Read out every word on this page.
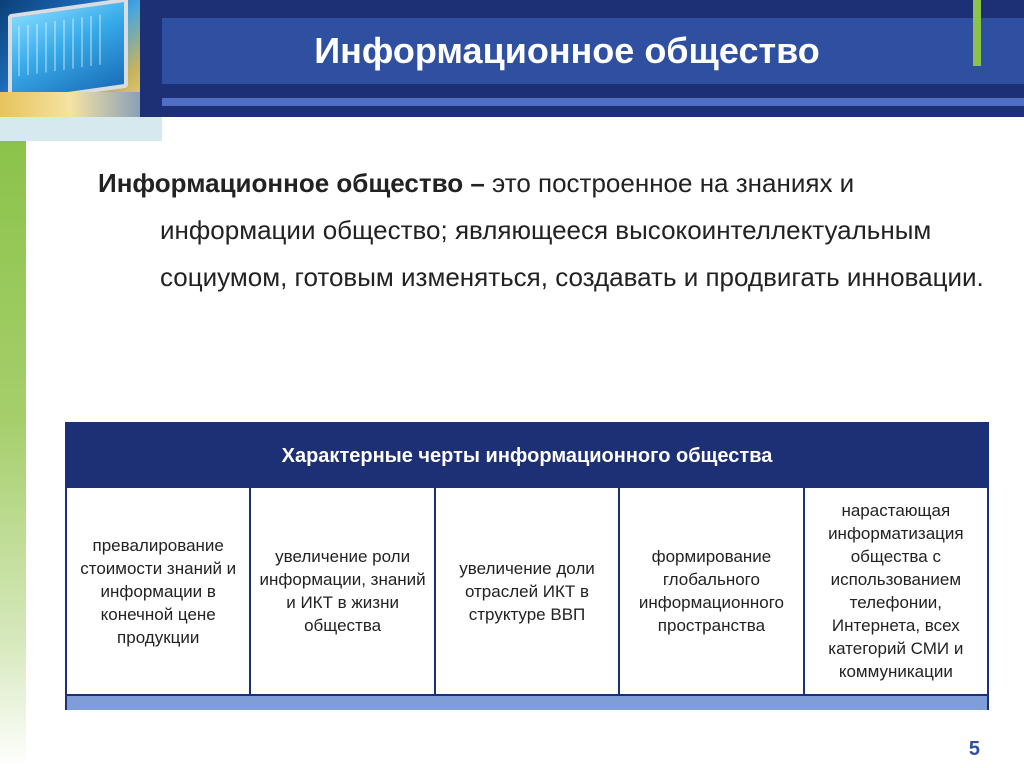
Информационное общество
Информационное общество – это построенное на знаниях и информации общество; являющееся высокоинтеллектуальным социумом, готовым изменяться, создавать и продвигать инновации.
Характерные черты информационного общества
превалирование стоимости знаний и информации в конечной цене продукции
увеличение роли информации, знаний и ИКТ в жизни общества
увеличение доли отраслей ИКТ в структуре ВВП
формирование глобального информационного пространства
нарастающая информатизация общества с использованием телефонии, Интернета, всех категорий СМИ и коммуникации
5
